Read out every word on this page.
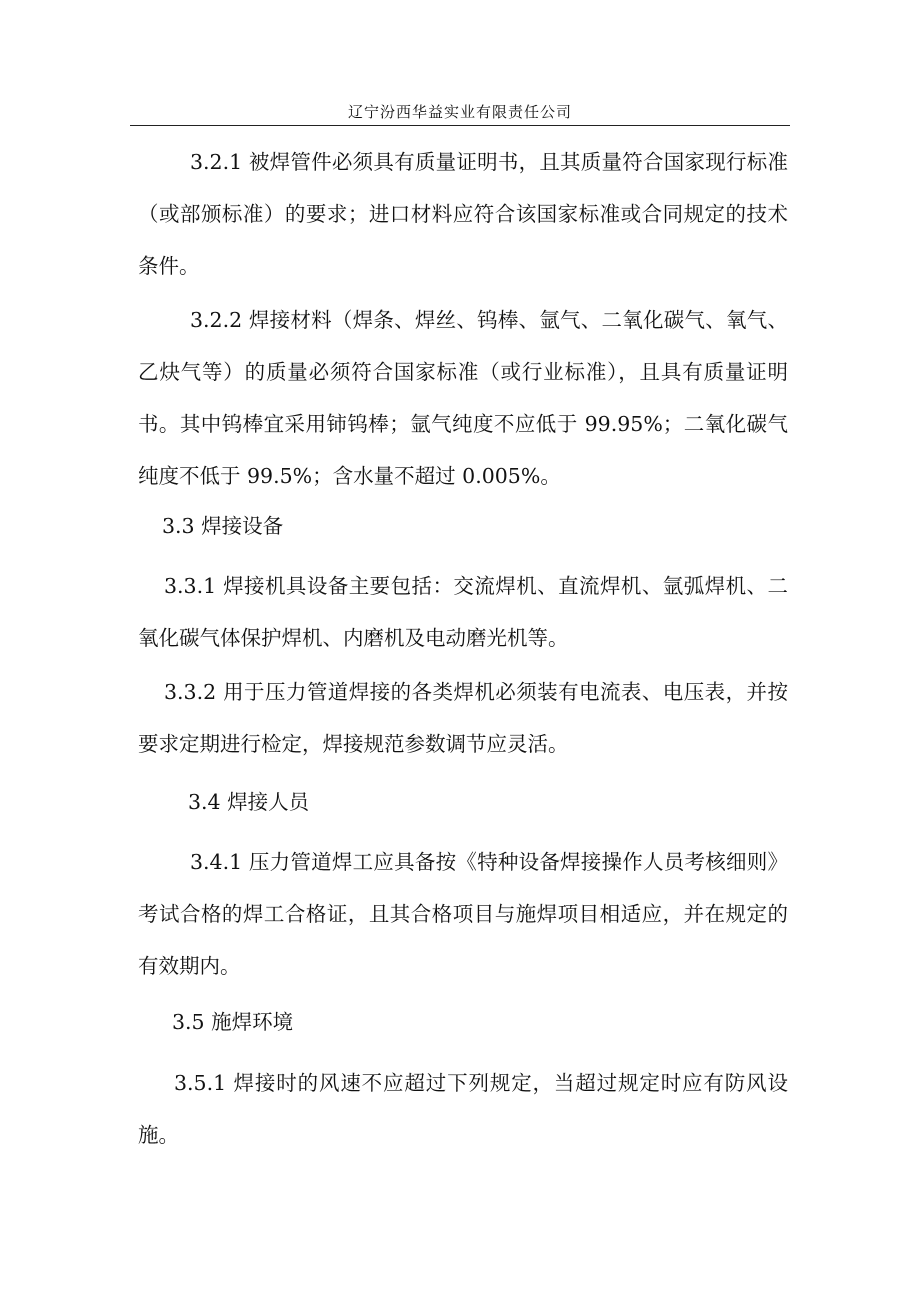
辽宁汾西华益实业有限责任公司

3.2.1 被焊管件必须具有质量证明书，且其质量符合国家现行标准（或部颁标准）的要求；进口材料应符合该国家标准或合同规定的技术条件。

3.2.2 焊接材料（焊条、焊丝、钨棒、氩气、二氧化碳气、氧气、乙炔气等）的质量必须符合国家标准（或行业标准），且具有质量证明书。其中钨棒宜采用铈钨棒；氩气纯度不应低于 99.95%；二氧化碳气纯度不低于 99.5%；含水量不超过 0.005%。

3.3 焊接设备

3.3.1 焊接机具设备主要包括：交流焊机、直流焊机、氩弧焊机、二氧化碳气体保护焊机、内磨机及电动磨光机等。

3.3.2 用于压力管道焊接的各类焊机必须装有电流表、电压表，并按要求定期进行检定，焊接规范参数调节应灵活。

3.4 焊接人员

3.4.1 压力管道焊工应具备按《特种设备焊接操作人员考核细则》考试合格的焊工合格证，且其合格项目与施焊项目相适应，并在规定的有效期内。

3.5 施焊环境

3.5.1 焊接时的风速不应超过下列规定，当超过规定时应有防风设施。
